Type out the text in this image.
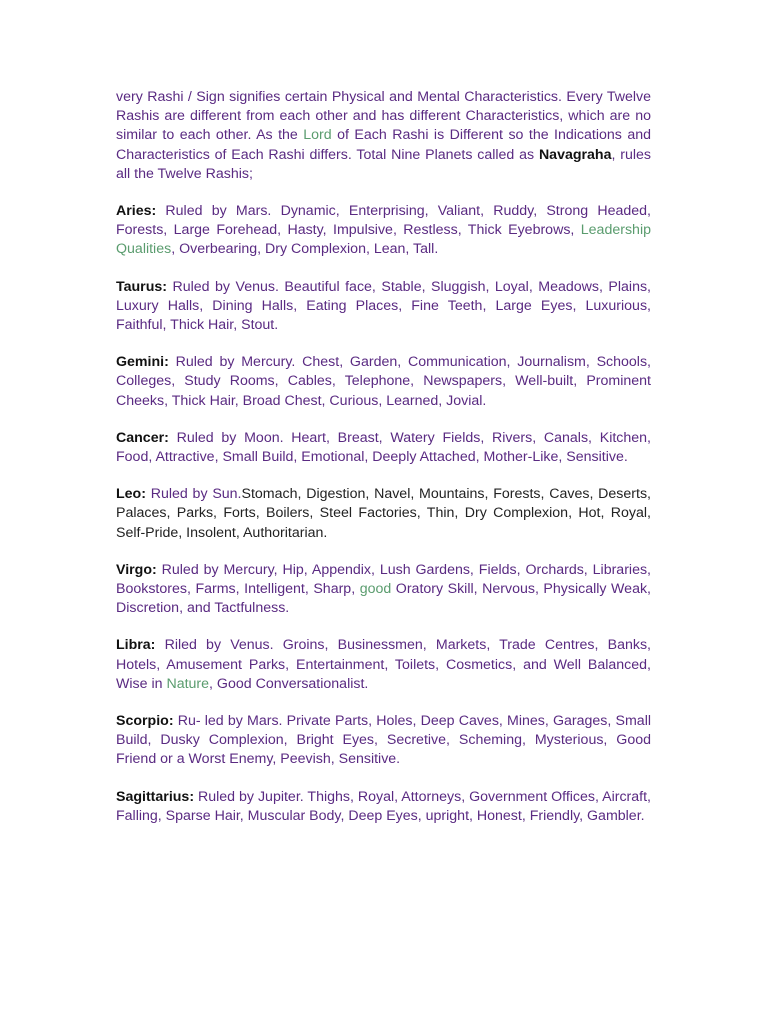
very Rashi / Sign signifies certain Physical and Mental Characteristics. Every Twelve Rashis are different from each other and has different Characteristics, which are no similar to each other. As the Lord of Each Rashi is Different so the Indications and Characteristics of Each Rashi differs. Total Nine Planets called as Navagraha, rules all the Twelve Rashis;

Aries: Ruled by Mars. Dynamic, Enterprising, Valiant, Ruddy, Strong Headed, Forests, Large Forehead, Hasty, Impulsive, Restless, Thick Eyebrows, Leadership Qualities, Overbearing, Dry Complexion, Lean, Tall.

Taurus: Ruled by Venus. Beautiful face, Stable, Sluggish, Loyal, Meadows, Plains, Luxury Halls, Dining Halls, Eating Places, Fine Teeth, Large Eyes, Luxurious, Faithful, Thick Hair, Stout.

Gemini: Ruled by Mercury. Chest, Garden, Communication, Journalism, Schools, Colleges, Study Rooms, Cables, Telephone, Newspapers, Well-built, Prominent Cheeks, Thick Hair, Broad Chest, Curious, Learned, Jovial.

Cancer: Ruled by Moon. Heart, Breast, Watery Fields, Rivers, Canals, Kitchen, Food, Attractive, Small Build, Emotional, Deeply Attached, Mother-Like, Sensitive.

Leo: Ruled by Sun.Stomach, Digestion, Navel, Mountains, Forests, Caves, Deserts, Palaces, Parks, Forts, Boilers, Steel Factories, Thin, Dry Complexion, Hot, Royal, Self-Pride, Insolent, Authoritarian.

Virgo: Ruled by Mercury, Hip, Appendix, Lush Gardens, Fields, Orchards, Libraries, Bookstores, Farms, Intelligent, Sharp, good Oratory Skill, Nervous, Physically Weak, Discretion, and Tactfulness.

Libra: Riled by Venus. Groins, Businessmen, Markets, Trade Centres, Banks, Hotels, Amusement Parks, Entertainment, Toilets, Cosmetics, and Well Balanced, Wise in Nature, Good Conversationalist.

Scorpio: Ru- led by Mars. Private Parts, Holes, Deep Caves, Mines, Garages, Small Build, Dusky Complexion, Bright Eyes, Secretive, Scheming, Mysterious, Good Friend or a Worst Enemy, Peevish, Sensitive.

Sagittarius: Ruled by Jupiter. Thighs, Royal, Attorneys, Government Offices, Aircraft, Falling, Sparse Hair, Muscular Body, Deep Eyes, upright, Honest, Friendly, Gambler.
